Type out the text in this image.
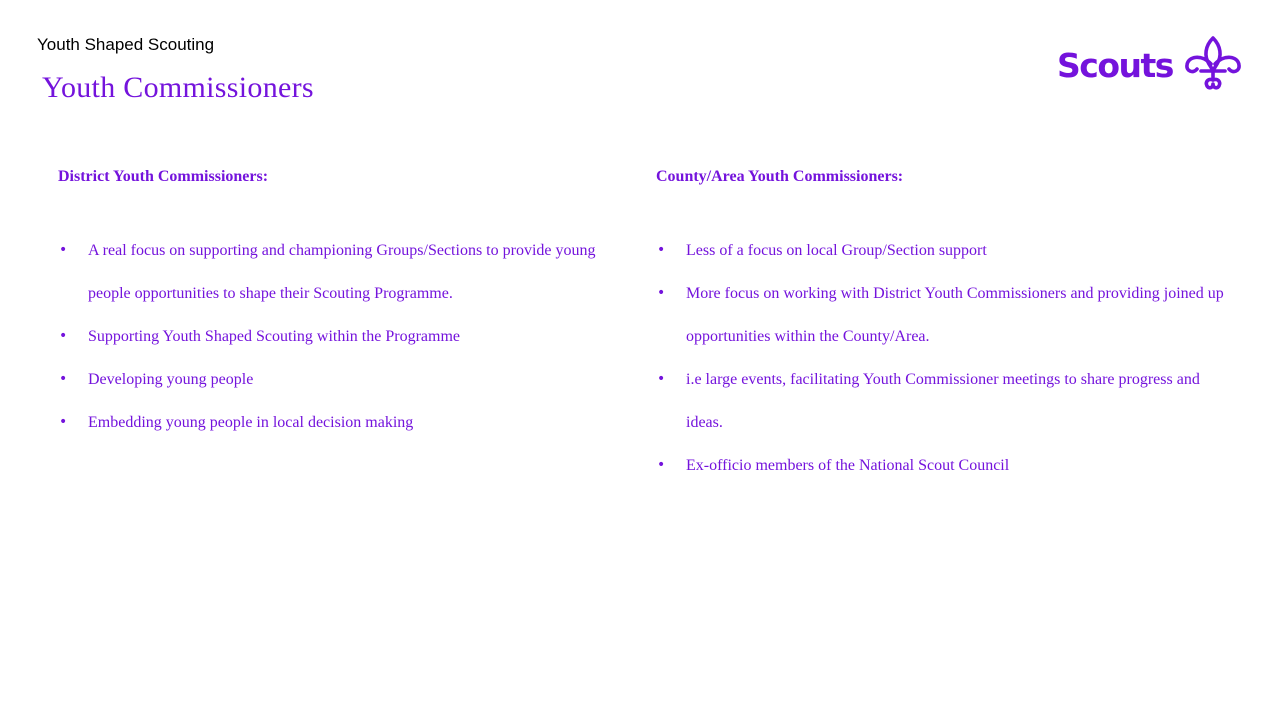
Youth Shaped Scouting
Youth Commissioners
Scouts
District Youth Commissioners:
• A real focus on supporting and championing Groups/Sections to provide young people opportunities to shape their Scouting Programme.
• Supporting Youth Shaped Scouting within the Programme
• Developing young people
• Embedding young people in local decision making
County/Area Youth Commissioners:
• Less of a focus on local Group/Section support
• More focus on working with District Youth Commissioners and providing joined up opportunities within the County/Area.
• i.e large events, facilitating Youth Commissioner meetings to share progress and ideas.
• Ex-officio members of the National Scout Council
